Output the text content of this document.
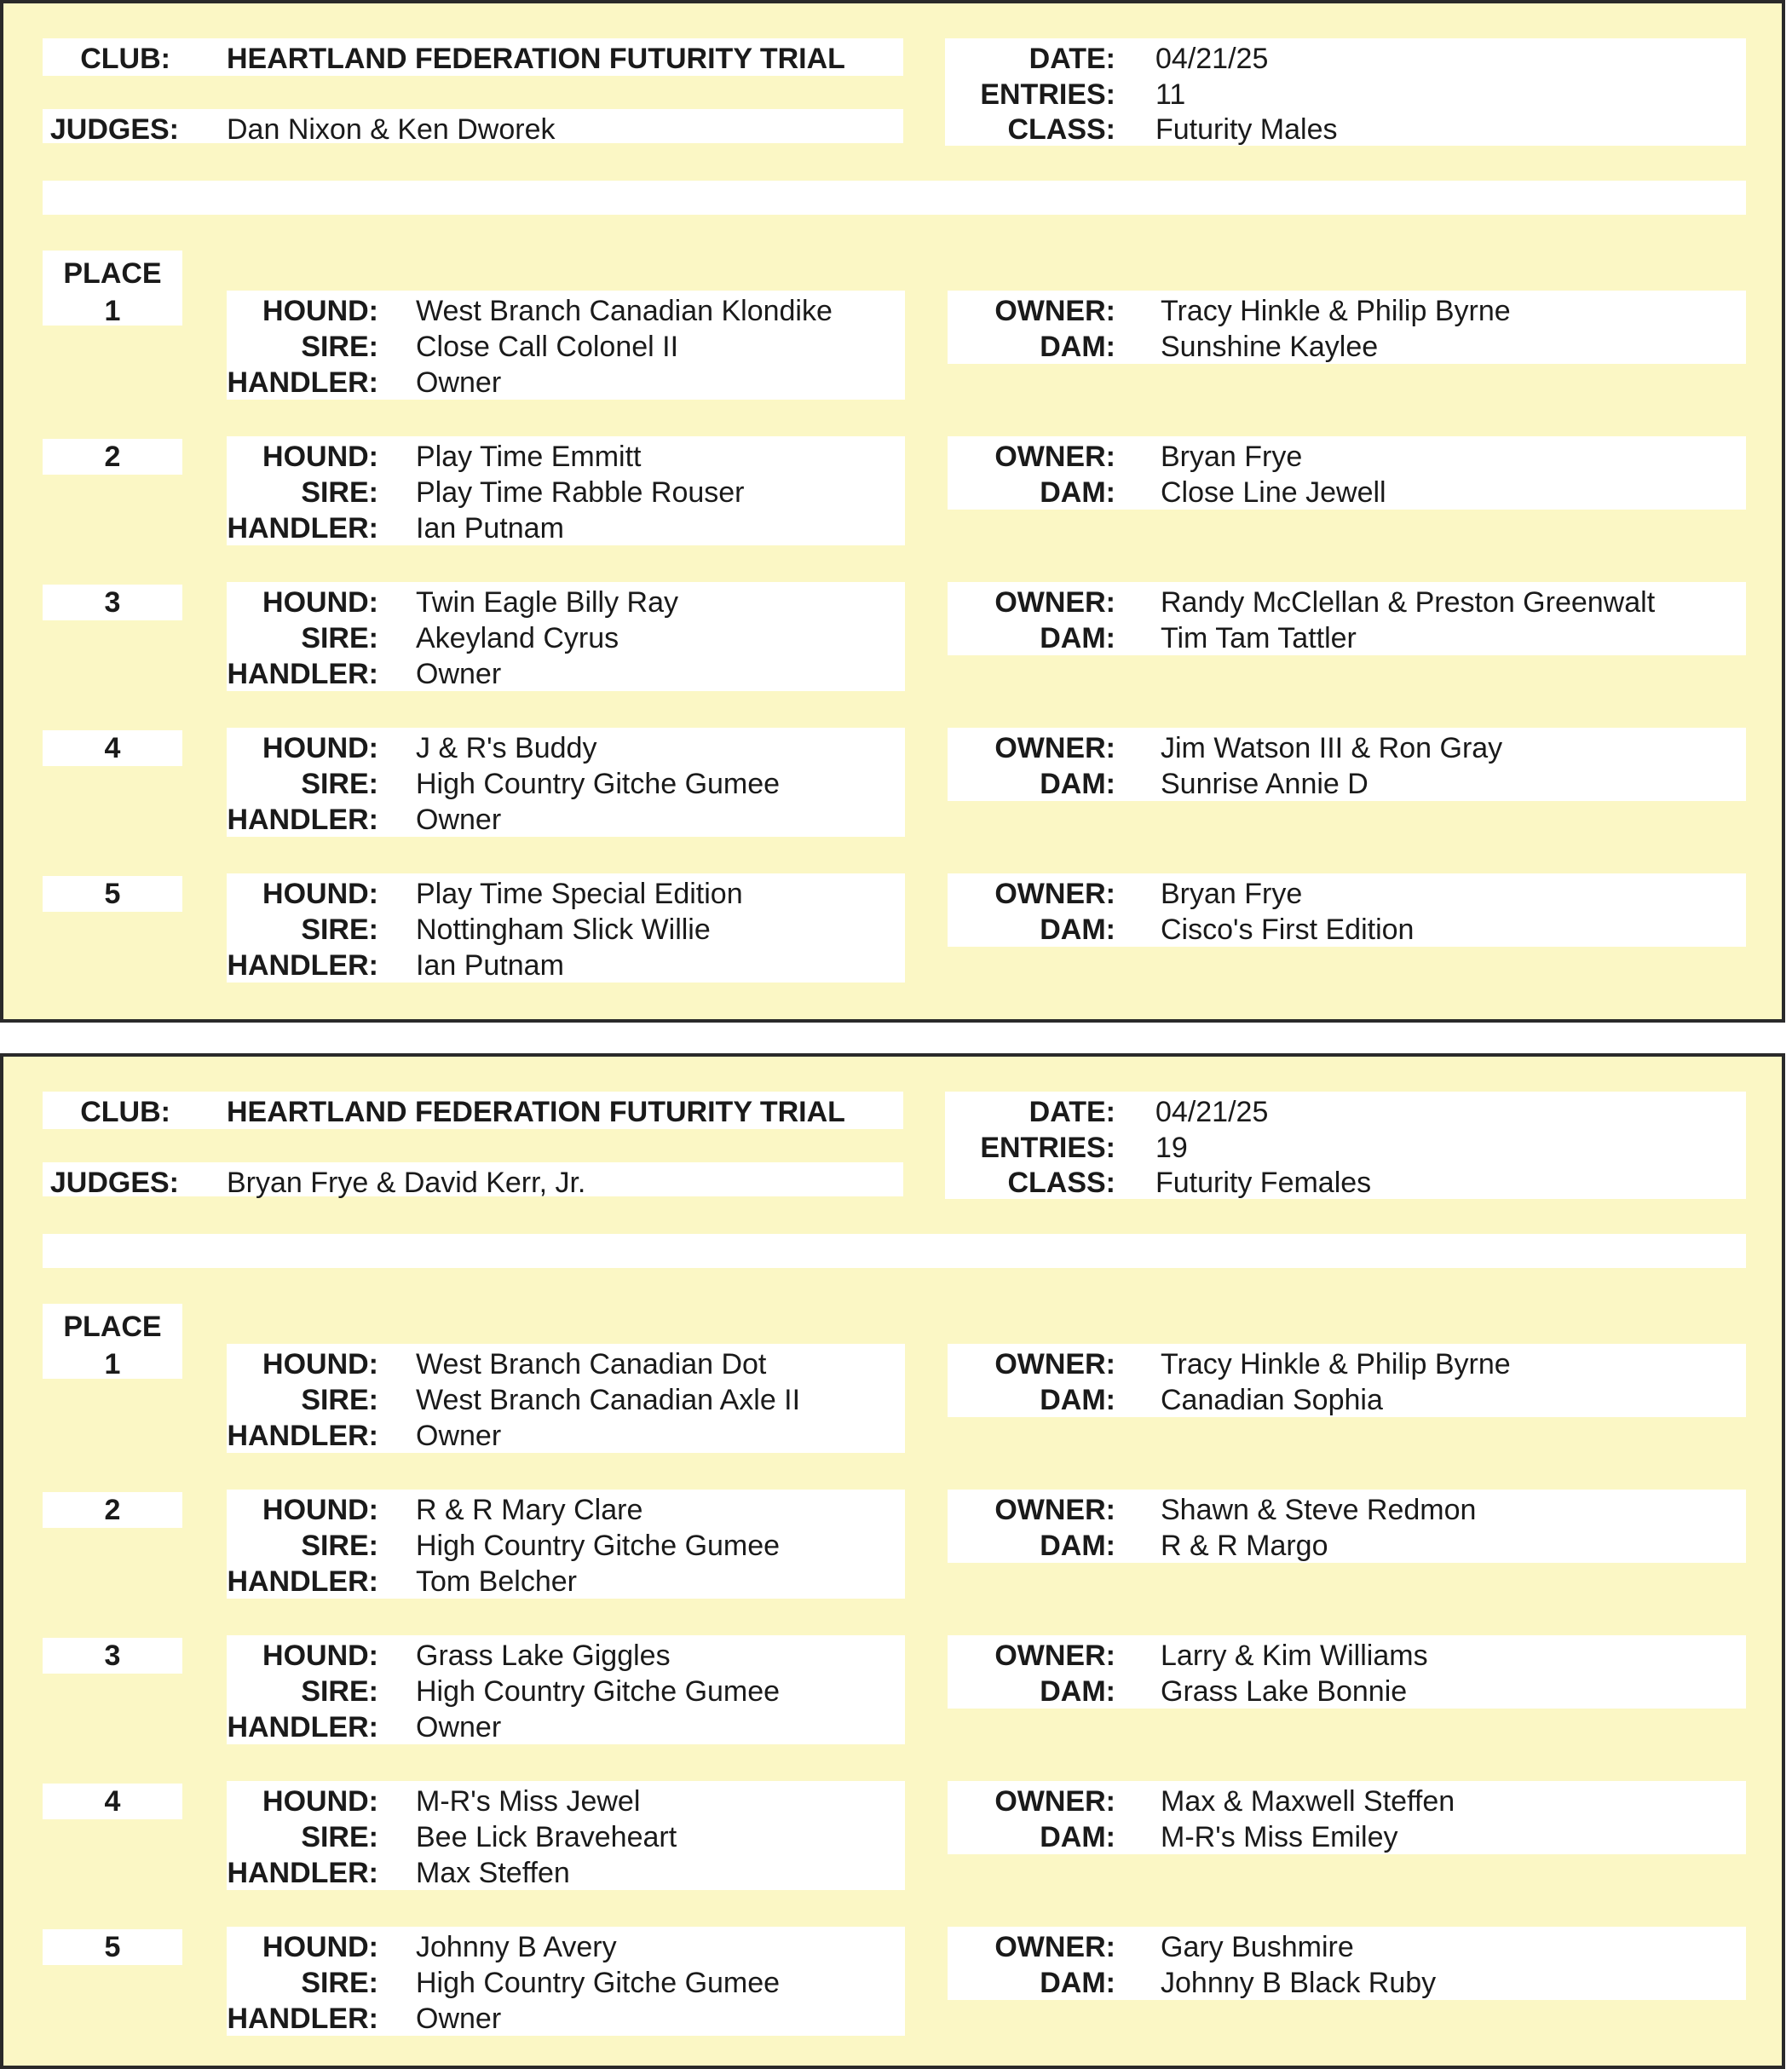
CLUB: HEARTLAND FEDERATION FUTURITY TRIAL
JUDGES: Dan Nixon & Ken Dworek
DATE: 04/21/25
ENTRIES: 11
CLASS: Futurity Males
PLACE
1	HOUND: West Branch Canadian Klondike
SIRE: Close Call Colonel II
HANDLER: Owner
OWNER: Tracy Hinkle & Philip Byrne
DAM: Sunshine Kaylee
2	HOUND: Play Time Emmitt
SIRE: Play Time Rabble Rouser
HANDLER: Ian Putnam
OWNER: Bryan Frye
DAM: Close Line Jewell
3	HOUND: Twin Eagle Billy Ray
SIRE: Akeyland Cyrus
HANDLER: Owner
OWNER: Randy McClellan & Preston Greenwalt
DAM: Tim Tam Tattler
4	HOUND: J & R's Buddy
SIRE: High Country Gitche Gumee
HANDLER: Owner
OWNER: Jim Watson III & Ron Gray
DAM: Sunrise Annie D
5	HOUND: Play Time Special Edition
SIRE: Nottingham Slick Willie
HANDLER: Ian Putnam
OWNER: Bryan Frye
DAM: Cisco's First Edition
CLUB: HEARTLAND FEDERATION FUTURITY TRIAL
JUDGES: Bryan Frye & David Kerr, Jr.
DATE: 04/21/25
ENTRIES: 19
CLASS: Futurity Females
PLACE
1	HOUND: West Branch Canadian Dot
SIRE: West Branch Canadian Axle II
HANDLER: Owner
OWNER: Tracy Hinkle & Philip Byrne
DAM: Canadian Sophia
2	HOUND: R & R Mary Clare
SIRE: High Country Gitche Gumee
HANDLER: Tom Belcher
OWNER: Shawn & Steve Redmon
DAM: R & R Margo
3	HOUND: Grass Lake Giggles
SIRE: High Country Gitche Gumee
HANDLER: Owner
OWNER: Larry & Kim Williams
DAM: Grass Lake Bonnie
4	HOUND: M-R's Miss Jewel
SIRE: Bee Lick Braveheart
HANDLER: Max Steffen
OWNER: Max & Maxwell Steffen
DAM: M-R's Miss Emiley
5	HOUND: Johnny B Avery
SIRE: High Country Gitche Gumee
HANDLER: Owner
OWNER: Gary Bushmire
DAM: Johnny B Black Ruby
